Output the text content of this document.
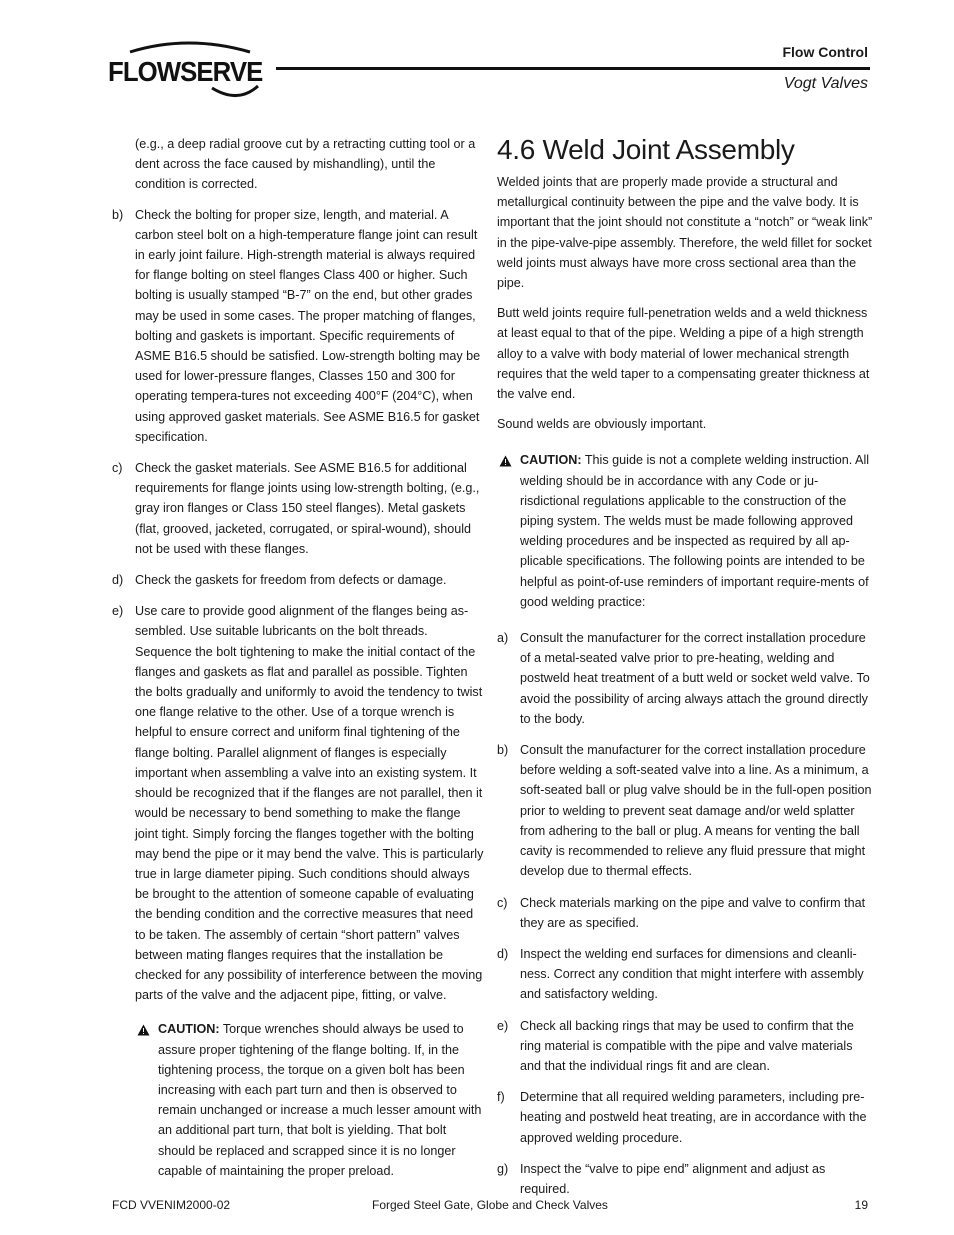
FLOWSERVE
Flow Control
Vogt Valves
(e.g., a deep radial groove cut by a retracting cutting tool or a dent across the face caused by mishandling), until the condition is corrected.
b) Check the bolting for proper size, length, and material. A carbon steel bolt on a high-temperature flange joint can result in early joint failure. High-strength material is always required for flange bolting on steel flanges Class 400 or higher. Such bolting is usually stamped “B-7” on the end, but other grades may be used in some cases. The proper matching of flanges, bolting and gaskets is important. Specific requirements of ASME B16.5 should be satisfied. Low-strength bolting may be used for lower-pressure flanges, Classes 150 and 300 for operating tempera-tures not exceeding 400°F (204°C), when using approved gasket materials. See ASME B16.5 for gasket specification.
c) Check the gasket materials. See ASME B16.5 for additional requirements for flange joints using low-strength bolting, (e.g., gray iron flanges or Class 150 steel flanges). Metal gaskets (flat, grooved, jacketed, corrugated, or spiral-wound), should not be used with these flanges.
d) Check the gaskets for freedom from defects or damage.
e) Use care to provide good alignment of the flanges being as-sembled. Use suitable lubricants on the bolt threads. Sequence the bolt tightening to make the initial contact of the flanges and gaskets as flat and parallel as possible. Tighten the bolts gradually and uniformly to avoid the tendency to twist one flange relative to the other. Use of a torque wrench is helpful to ensure correct and uniform final tightening of the flange bolting. Parallel alignment of flanges is especially important when assembling a valve into an existing system. It should be recognized that if the flanges are not parallel, then it would be necessary to bend something to make the flange joint tight. Simply forcing the flanges together with the bolting may bend the pipe or it may bend the valve. This is particularly true in large diameter piping. Such conditions should always be brought to the attention of someone capable of evaluating the bending condition and the corrective measures that need to be taken. The assembly of certain “short pattern” valves between mating flanges requires that the installation be checked for any possibility of interference between the moving parts of the valve and the adjacent pipe, fitting, or valve.
CAUTION: Torque wrenches should always be used to assure proper tightening of the flange bolting. If, in the tightening process, the torque on a given bolt has been increasing with each part turn and then is observed to remain unchanged or increase a much lesser amount with an additional part turn, that bolt is yielding. That bolt should be replaced and scrapped since it is no longer capable of maintaining the proper preload.
4.6 Weld Joint Assembly

Welded joints that are properly made provide a structural and metallurgical continuity between the pipe and the valve body. It is important that the joint should not constitute a “notch” or “weak link” in the pipe-valve-pipe assembly. Therefore, the weld fillet for socket weld joints must always have more cross sectional area than the pipe.

Butt weld joints require full-penetration welds and a weld thickness at least equal to that of the pipe. Welding a pipe of a high strength alloy to a valve with body material of lower mechanical strength requires that the weld taper to a compensating greater thickness at the valve end.

Sound welds are obviously important.

CAUTION: This guide is not a complete welding instruction. All welding should be in accordance with any Code or ju-risdictional regulations applicable to the construction of the piping system. The welds must be made following approved welding procedures and be inspected as required by all ap-plicable specifications. The following points are intended to be helpful as point-of-use reminders of important require-ments of good welding practice:
a) Consult the manufacturer for the correct installation procedure of a metal-seated valve prior to pre-heating, welding and postweld heat treatment of a butt weld or socket weld valve. To avoid the possibility of arcing always attach the ground directly to the body.
b) Consult the manufacturer for the correct installation procedure before welding a soft-seated valve into a line. As a minimum, a soft-seated ball or plug valve should be in the full-open position prior to welding to prevent seat damage and/or weld splatter from adhering to the ball or plug. A means for venting the ball cavity is recommended to relieve any fluid pressure that might develop due to thermal effects.
c) Check materials marking on the pipe and valve to confirm that they are as specified.
d) Inspect the welding end surfaces for dimensions and cleanli-ness. Correct any condition that might interfere with assembly and satisfactory welding.
e) Check all backing rings that may be used to confirm that the ring material is compatible with the pipe and valve materials and that the individual rings fit and are clean.
f) Determine that all required welding parameters, including pre-heating and postweld heat treating, are in accordance with the approved welding procedure.
g) Inspect the “valve to pipe end” alignment and adjust as required.
FCD VVENIM2000-02	Forged Steel Gate, Globe and Check Valves	19
